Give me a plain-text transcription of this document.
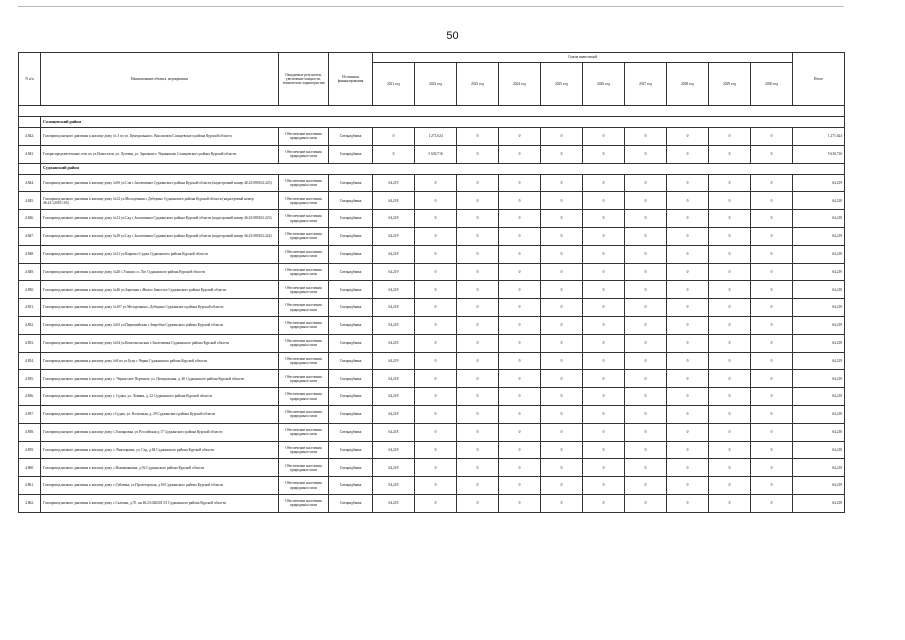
50
N п/п	Наименование объекта, мероприятия	Ожидаемые результаты, увеличение мощности, технических характеристик	Источники финансирования	Сумма инвестиций										Итого
				2021 год	2022 год	2023 год	2024 год	2025 год	2026 год	2027 год	2028 год	2029 год	2030 год	

	Солнцевский район													
4.842.	Газопровод низкого давления к жилому дому № 3 по ул. Центральная п. Высоковом Солнцевского района Курской области	Обеспечение населения природным газом	Спецнадбавка	0	1 271,624	0	0	0	0	0	0	0	0	1 271,624
4.843.	Газораспределительные сети по ул.Новоселов, ул. Луговая, ул. Заречная п. Чернышово Солнцевского района Курской области	Обеспечение населения природным газом	Спецнадбавка	0	5 630,716	0	0	0	0	0	0	0	0	5 630,716
	Суджанский район													
4.844.	Газопровод низкого давления к жилому дому №9б ул.Сов с.Заолешенка Суджанского района Курской области (кадастровый номер 46:23:080102:223)	Обеспечение населения природным газом	Спецнадбавка	64,219	0	0	0	0	0	0	0	0	0	64,219
4.845.	Газопровод низкого давления к жилому дому №12 ул.Молодежная с.Дебедино Суджанского района Курской области (кадастровый номер 46:23:120101:65)	Обеспечение населения природным газом	Спецнадбавка	64,218	0	0	0	0	0	0	0	0	0	64,218
4.846.	Газопровод низкого давления к жилому дому №12 ул.Сад с.Заолешенка Суджанского района Курской области (кадастровый номер 46:23:080102:223)	Обеспечение населения природным газом	Спецнадбавка	64,218	0	0	0	0	0	0	0	0	0	64,218
4.847.	Газопровод низкого давления к жилому дому №29 ул.Сад с.Заолешенка Суджанского района Курской области (кадастровый номер 46:23:080102:224)	Обеспечение населения природным газом	Спецнадбавка	64,219	0	0	0	0	0	0	0	0	0	64,219
4.848.	Газопровод низкого давления к жилому дому №31 ул.Кирова г.Суджа Суджанского района Курской области	Обеспечение населения природным газом	Спецнадбавка	64,218	0	0	0	0	0	0	0	0	0	64,218
4.849.	Газопровод низкого давления к жилому дому №20 с.Уланок сл. Лог Суджанского района Курской области	Обеспечение населения природным газом	Спецнадбавка	64,219	0	0	0	0	0	0	0	0	0	64,219
4.850.	Газопровод низкого давления к жилому дому №46 ул.Заречная с.Жилое Замостье Суджанского района Курской области	Обеспечение населения природным газом	Спецнадбавка	64,218	0	0	0	0	0	0	0	0	0	64,218
4.851.	Газопровод низкого давления к жилому дому №107 ул.Молодежная с.Дебедино Суджанского района Курской области	Обеспечение населения природным газом	Спецнадбавка	64,218	0	0	0	0	0	0	0	0	0	64,218
4.852.	Газопровод низкого давления к жилому дому №92 ул.Первомайская с.Зверобки Суджанского района Курской области	Обеспечение населения природным газом	Спецнадбавка	64,218	0	0	0	0	0	0	0	0	0	64,218
4.853.	Газопровод низкого давления к жилому дому №54 ул.Комсомольская с.Заолешенка Суджанского района Курской области	Обеспечение населения природным газом	Спецнадбавка	64,218	0	0	0	0	0	0	0	0	0	64,218
4.854.	Газопровод низкого давления к жилому дому №8 по ул.Бутр с.Черни Суджанского района Курской области	Обеспечение населения природным газом	Спецнадбавка	64,219	0	0	0	0	0	0	0	0	0	64,219
4.855.	Газопровод низкого давления к жилому дому с. Черкасское Поречное, ул. Центральная, д. 40 Суджанского района Курской области	Обеспечение населения природным газом	Спецнадбавка	64,218	0	0	0	0	0	0	0	0	0	64,218
4.856.	Газопровод низкого давления к жилому дому г. Суджа, ул. Ленина, д. 22 Суджанского района Курской области	Обеспечение населения природным газом	Спецнадбавка	64,218	0	0	0	0	0	0	0	0	0	64,218
4.857.	Газопровод низкого давления к жилому дому г.Суджа, ул. Колхозная, д. 29 Суджанского района Курской области	Обеспечение населения природным газом	Спецнадбавка	64,218	0	0	0	0	0	0	0	0	0	64,218
4.858.	Газопровод низкого давления к жилому дому с.Гончаровка, ул.Российская д.17 Суджанского района Курской области	Обеспечение населения природным газом	Спецнадбавка	64,218	0	0	0	0	0	0	0	0	0	64,218
4.859.	Газопровод низкого давления к жилому дому с. Викторовка, ул. Сад, д.84 Суджанского района Курской области	Обеспечение населения природным газом	Спецнадбавка	64,218	0	0	0	0	0	0	0	0	0	64,218
4.860.	Газопровод низкого давления к жилому дому с.Новоивановка, д.92 Суджанского района Курской области	Обеспечение населения природным газом	Спецнадбавка	64,218	0	0	0	0	0	0	0	0	0	64,218
4.861.	Газопровод низкого давления к жилому дому с.Гуйзевка, ул.Пролетарская, д.69 Суджанского района Курской области	Обеспечение населения природным газом	Спецнадбавка	64,218	0	0	0	0	0	0	0	0	0	64,218
4.862.	Газопровод низкого давления к жилому дому с.Саловка, д.70, кн 46:23:020201:53 Суджанского района Курской области	Обеспечение населения природным газом	Спецнадбавка	64,218	0	0	0	0	0	0	0	0	0	64,218
